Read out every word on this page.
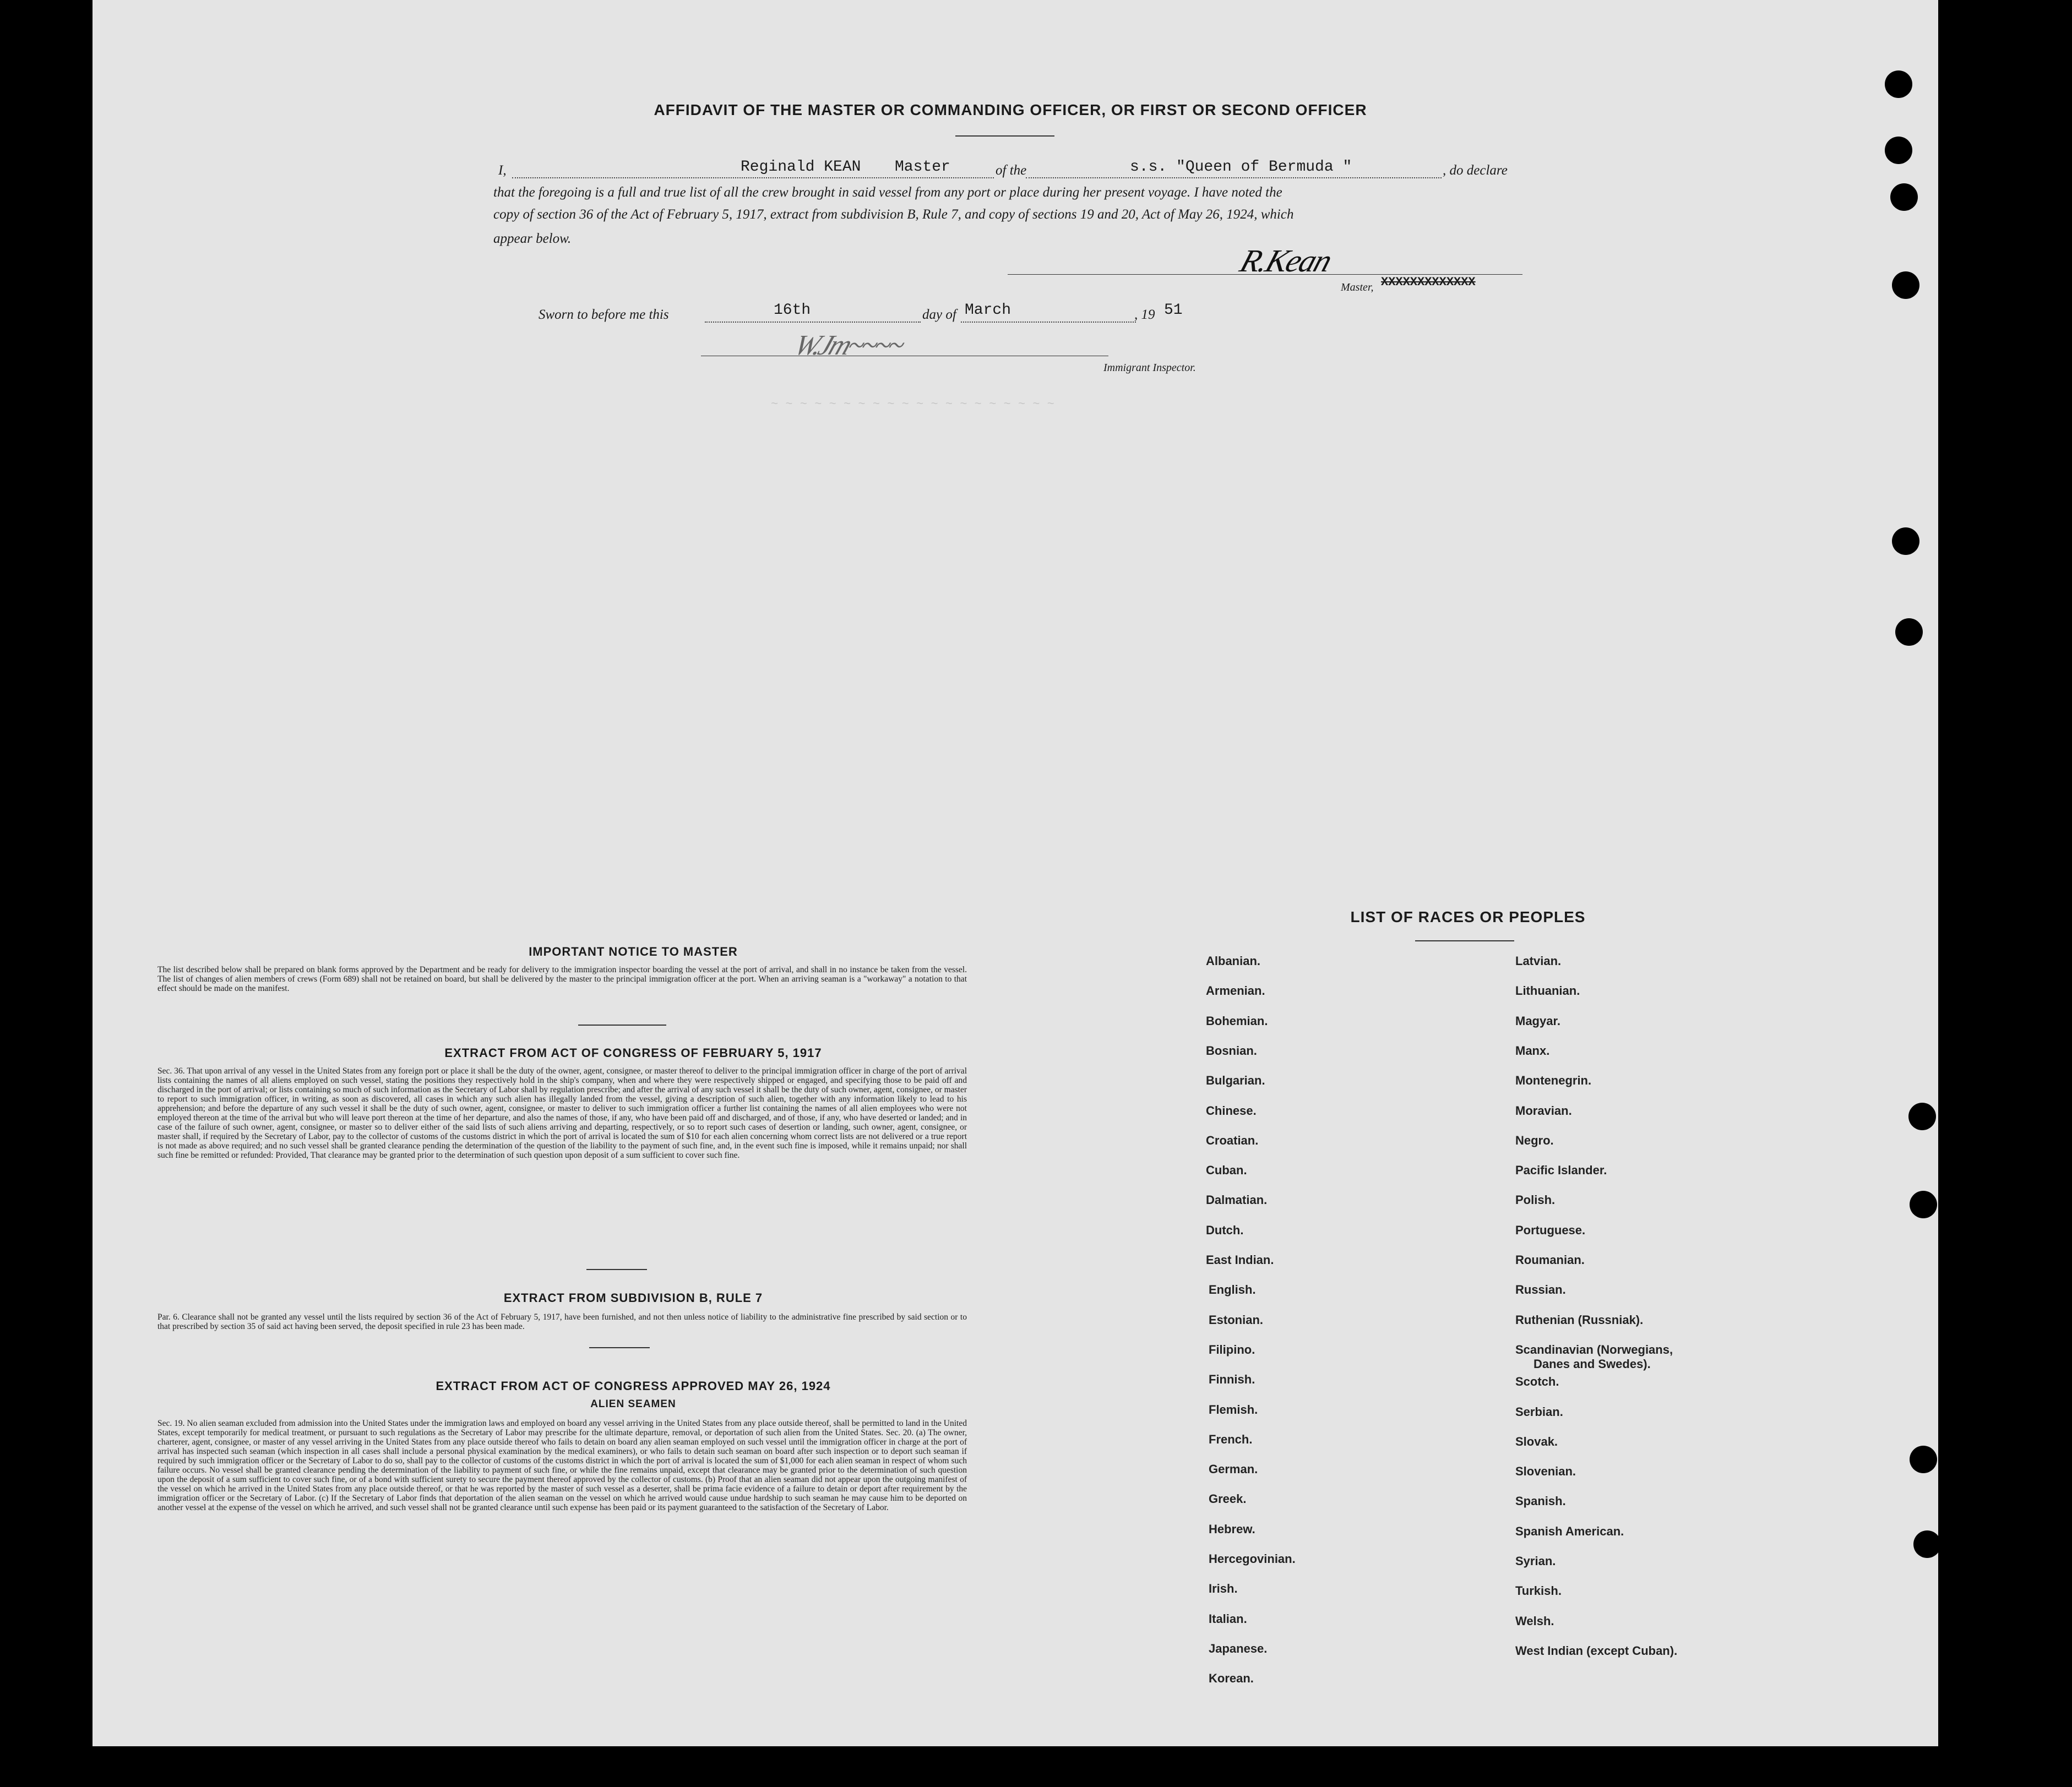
~ ~ ~ ~ ~ ~ ~ ~ ~ ~ ~ ~ ~ ~ ~ ~ ~ ~ ~ ~
AFFIDAVIT OF THE MASTER OR COMMANDING OFFICER, OR FIRST OR SECOND OFFICER
I,	Reginald KEAN Master	of the	s.s. "Queen of Bermuda "	, do declare
that the foregoing is a full and true list of all the crew brought in said vessel from any port or place during her present voyage. I have noted the
copy of section 36 of the Act of February 5, 1917, extract from subdivision B, Rule 7, and copy of sections 19 and 20, Act of May 26, 1924, which
appear below.
R.Kean
Master, XXXXXXXXXXXXX
Sworn to before me this	16th	day of March	, 19 51
W.Jm~~~~
Immigrant Inspector.
IMPORTANT NOTICE TO MASTER
The list described below shall be prepared on blank forms approved by the Department and be ready for delivery to the immigration inspector boarding the vessel at the port of arrival, and shall in no instance be taken from the vessel. The list of changes of alien members of crews (Form 689) shall not be retained on board, but shall be delivered by the master to the principal immigration officer at the port. When an arriving seaman is a "workaway" a notation to that effect should be made on the manifest.
EXTRACT FROM ACT OF CONGRESS OF FEBRUARY 5, 1917
Sec. 36. That upon arrival of any vessel in the United States from any foreign port or place it shall be the duty of the owner, agent, consignee, or master thereof to deliver to the principal immigration officer in charge of the port of arrival lists containing the names of all aliens employed on such vessel, stating the positions they respectively hold in the ship's company, when and where they were respectively shipped or engaged, and specifying those to be paid off and discharged in the port of arrival; or lists containing so much of such information as the Secretary of Labor shall by regulation prescribe; and after the arrival of any such vessel it shall be the duty of such owner, agent, consignee, or master to report to such immigration officer, in writing, as soon as discovered, all cases in which any such alien has illegally landed from the vessel, giving a description of such alien, together with any information likely to lead to his apprehension; and before the departure of any such vessel it shall be the duty of such owner, agent, consignee, or master to deliver to such immigration officer a further list containing the names of all alien employees who were not employed thereon at the time of the arrival but who will leave port thereon at the time of her departure, and also the names of those, if any, who have been paid off and discharged, and of those, if any, who have deserted or landed; and in case of the failure of such owner, agent, consignee, or master so to deliver either of the said lists of such aliens arriving and departing, respectively, or so to report such cases of desertion or landing, such owner, agent, consignee, or master shall, if required by the Secretary of Labor, pay to the collector of customs of the customs district in which the port of arrival is located the sum of $10 for each alien concerning whom correct lists are not delivered or a true report is not made as above required; and no such vessel shall be granted clearance pending the determination of the question of the liability to the payment of such fine, and, in the event such fine is imposed, while it remains unpaid; nor shall such fine be remitted or refunded: Provided, That clearance may be granted prior to the determination of such question upon deposit of a sum sufficient to cover such fine.
EXTRACT FROM SUBDIVISION B, RULE 7
Par. 6. Clearance shall not be granted any vessel until the lists required by section 36 of the Act of February 5, 1917, have been furnished, and not then unless notice of liability to the administrative fine prescribed by said section or to that prescribed by section 35 of said act having been served, the deposit specified in rule 23 has been made.
EXTRACT FROM ACT OF CONGRESS APPROVED MAY 26, 1924
ALIEN SEAMEN
Sec. 19. No alien seaman excluded from admission into the United States under the immigration laws and employed on board any vessel arriving in the United States from any place outside thereof, shall be permitted to land in the United States, except temporarily for medical treatment, or pursuant to such regulations as the Secretary of Labor may prescribe for the ultimate departure, removal, or deportation of such alien from the United States. Sec. 20. (a) The owner, charterer, agent, consignee, or master of any vessel arriving in the United States from any place outside thereof who fails to detain on board any alien seaman employed on such vessel until the immigration officer in charge at the port of arrival has inspected such seaman (which inspection in all cases shall include a personal physical examination by the medical examiners), or who fails to detain such seaman on board after such inspection or to deport such seaman if required by such immigration officer or the Secretary of Labor to do so, shall pay to the collector of customs of the customs district in which the port of arrival is located the sum of $1,000 for each alien seaman in respect of whom such failure occurs. No vessel shall be granted clearance pending the determination of the liability to payment of such fine, or while the fine remains unpaid, except that clearance may be granted prior to the determination of such question upon the deposit of a sum sufficient to cover such fine, or of a bond with sufficient surety to secure the payment thereof approved by the collector of customs. (b) Proof that an alien seaman did not appear upon the outgoing manifest of the vessel on which he arrived in the United States from any place outside thereof, or that he was reported by the master of such vessel as a deserter, shall be prima facie evidence of a failure to detain or deport after requirement by the immigration officer or the Secretary of Labor. (c) If the Secretary of Labor finds that deportation of the alien seaman on the vessel on which he arrived would cause undue hardship to such seaman he may cause him to be deported on another vessel at the expense of the vessel on which he arrived, and such vessel shall not be granted clearance until such expense has been paid or its payment guaranteed to the satisfaction of the Secretary of Labor.
LIST OF RACES OR PEOPLES
Albanian.
Armenian.
Bohemian.
Bosnian.
Bulgarian.
Chinese.
Croatian.
Cuban.
Dalmatian.
Dutch.
East Indian.
English.
Estonian.
Filipino.
Finnish.
Flemish.
French.
German.
Greek.
Hebrew.
Hercegovinian.
Irish.
Italian.
Japanese.
Korean.
Latvian.
Lithuanian.
Magyar.
Manx.
Montenegrin.
Moravian.
Negro.
Pacific Islander.
Polish.
Portuguese.
Roumanian.
Russian.
Ruthenian (Russniak).
Scandinavian (Norwegians,
Danes and Swedes).
Scotch.
Serbian.
Slovak.
Slovenian.
Spanish.
Spanish American.
Syrian.
Turkish.
Welsh.
West Indian (except Cuban).
